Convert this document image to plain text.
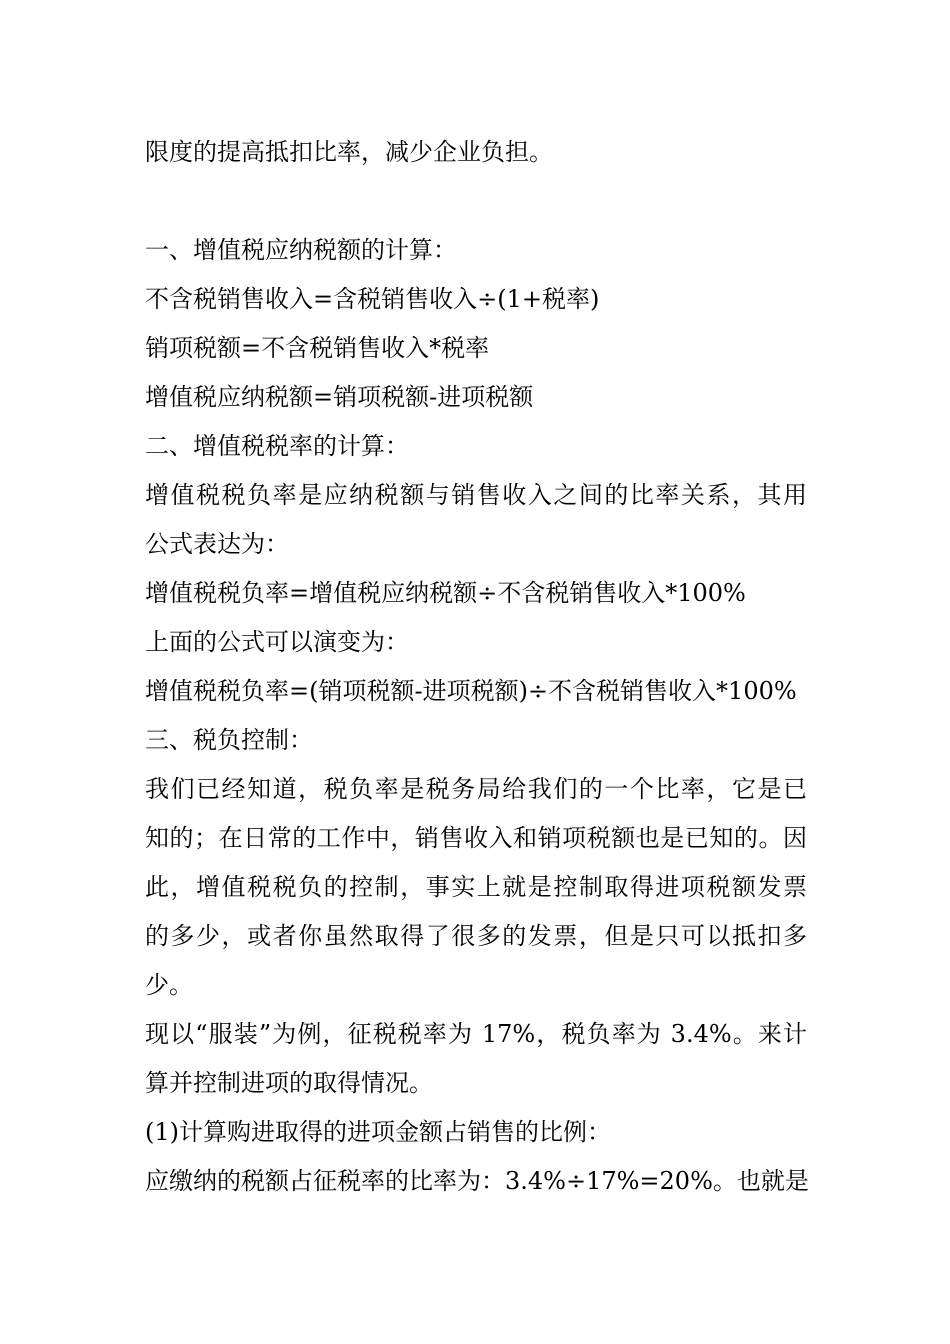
限度的提高抵扣比率，减少企业负担。
一、增值税应纳税额的计算：
不含税销售收入=含税销售收入÷(1+税率)
销项税额=不含税销售收入*税率
增值税应纳税额=销项税额-进项税额
二、增值税税率的计算：
增值税税负率是应纳税额与销售收入之间的比率关系，其用
公式表达为：
增值税税负率=增值税应纳税额÷不含税销售收入*100%
上面的公式可以演变为：
增值税税负率=(销项税额-进项税额)÷不含税销售收入*100%
三、税负控制：
我们已经知道，税负率是税务局给我们的一个比率，它是已
知的；在日常的工作中，销售收入和销项税额也是已知的。因
此，增值税税负的控制，事实上就是控制取得进项税额发票
的多少，或者你虽然取得了很多的发票，但是只可以抵扣多
少。
现以“服装”为例，征税税率为 17%，税负率为 3.4%。来计
算并控制进项的取得情况。
(1)计算购进取得的进项金额占销售的比例：
应缴纳的税额占征税率的比率为：3.4%÷17%=20%。也就是
